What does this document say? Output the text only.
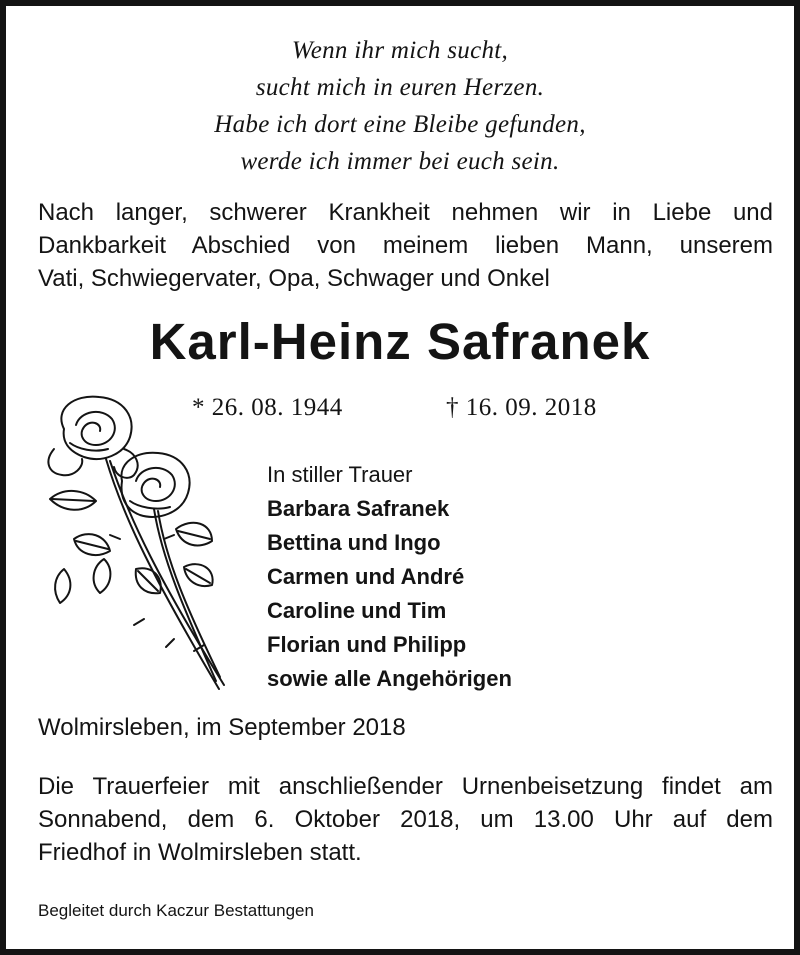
Wenn ihr mich sucht,
sucht mich in euren Herzen.
Habe ich dort eine Bleibe gefunden,
werde ich immer bei euch sein.
Nach langer, schwerer Krankheit nehmen wir in Liebe und
Dankbarkeit Abschied von meinem lieben Mann, unserem
Vati, Schwiegervater, Opa, Schwager und Onkel
Karl-Heinz Safranek
* 26. 08. 1944	† 16. 09. 2018
In stiller Trauer
Barbara Safranek
Bettina und Ingo
Carmen und André
Caroline und Tim
Florian und Philipp
sowie alle Angehörigen
Wolmirsleben, im September 2018
Die Trauerfeier mit anschließender Urnenbeisetzung findet am
Sonnabend, dem 6. Oktober 2018, um 13.00 Uhr auf dem
Friedhof in Wolmirsleben statt.
Begleitet durch Kaczur Bestattungen
